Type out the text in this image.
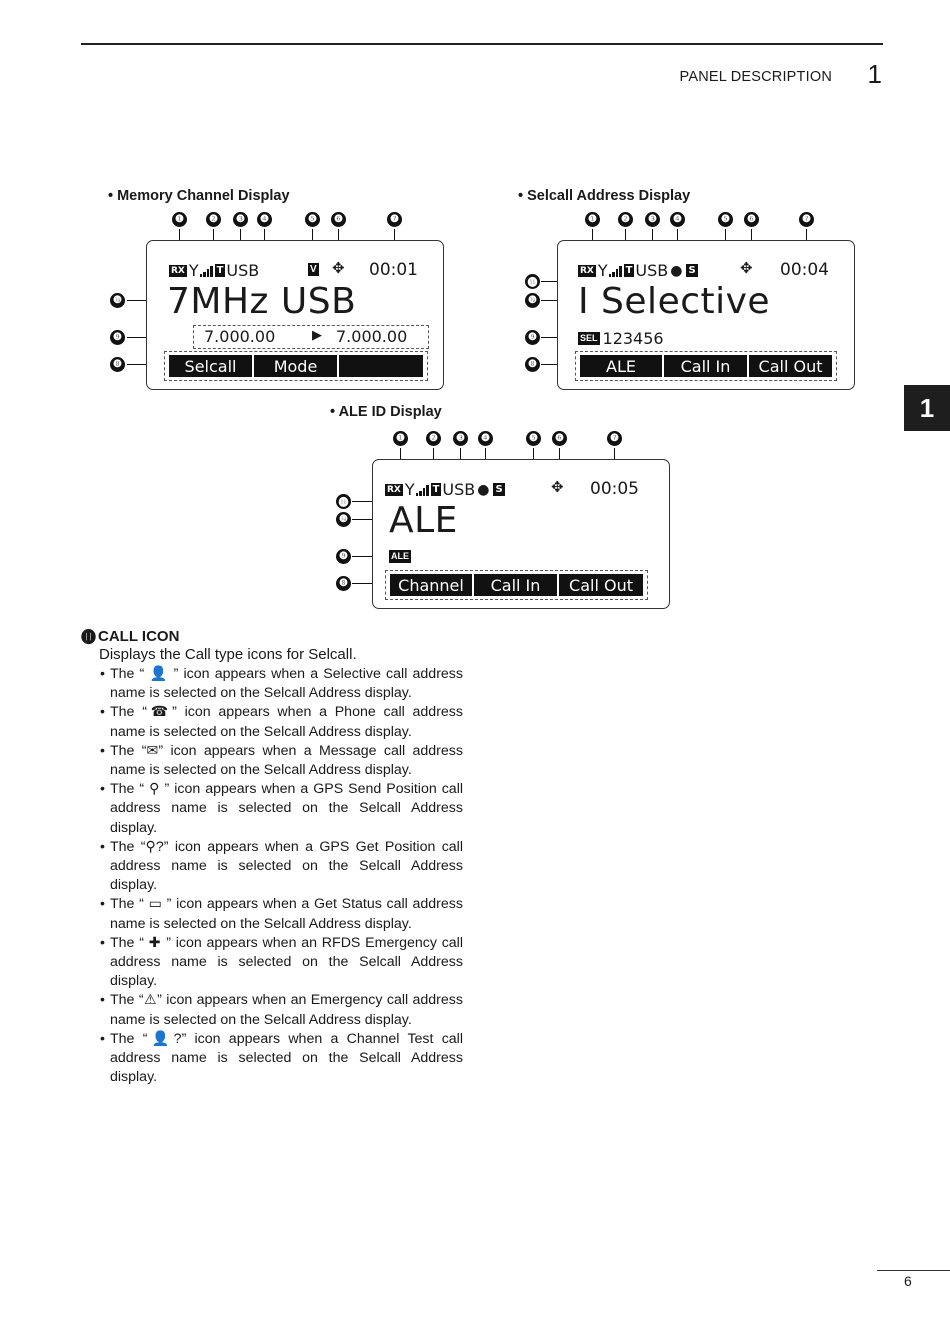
PANEL DESCRIPTION 1
1
• Memory Channel Display
❶	❷	❸	❹	❺	❻	❼
❿
❾
❽
RX Y T USB	V ✥ 00:01
7MHz USB
7.000.00	▶ 7.000.00
Selcall	Mode
• Selcall Address Display
❶	❷	❸	❹	❺	❻	❼
⓫
❿
❾
❽
RX Y T USB ● S	✥ 00:04
I Selective
SEL 123456
ALE	Call In	Call Out
• ALE ID Display
❶	❷	❸	❹	❺	❻	❼
⓫
❿
❾
❽
RX Y T USB ● S	✥ 00:05
ALE
ALE
Channel	Call In	Call Out
⓫ CALL ICON
Displays the Call type icons for Selcall.
• The “ 👤 ” icon appears when a Selective call address name is selected on the Selcall Address display.
• The “☎” icon appears when a Phone call address name is selected on the Selcall Address display.
• The “✉” icon appears when a Message call address name is selected on the Selcall Address display.
• The “ ⚲ ” icon appears when a GPS Send Position call address name is selected on the Selcall Address display.
• The “⚲?” icon appears when a GPS Get Position call address name is selected on the Selcall Address display.
• The “ ▭ ” icon appears when a Get Status call address name is selected on the Selcall Address display.
• The “ ✚ ” icon appears when an RFDS Emergency call address name is selected on the Selcall Address display.
• The “⚠” icon appears when an Emergency call address name is selected on the Selcall Address display.
• The “👤?” icon appears when a Channel Test call address name is selected on the Selcall Address display.
6
